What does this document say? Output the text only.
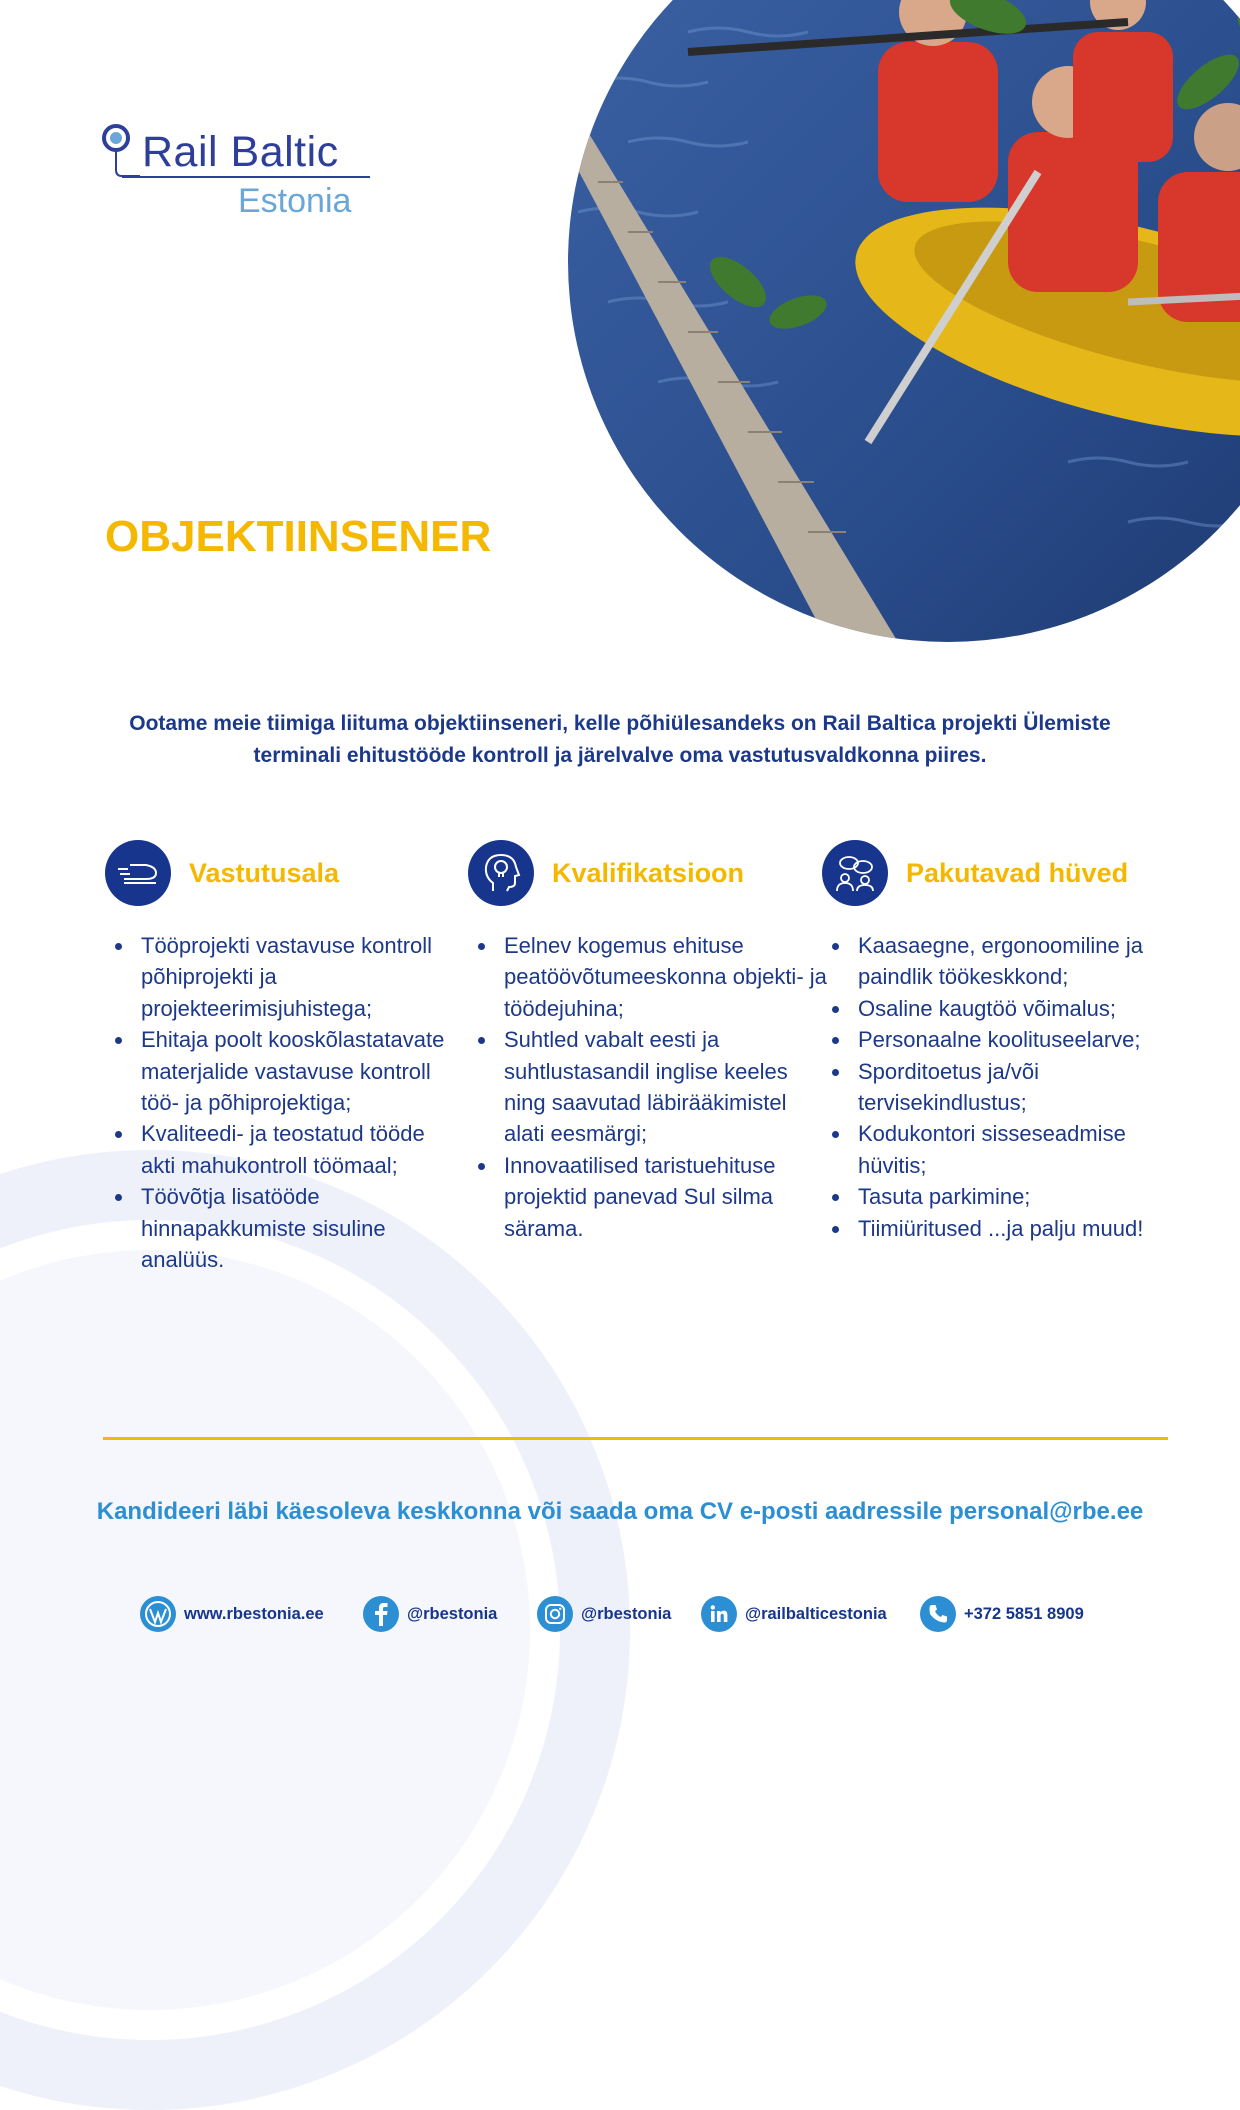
Rail Baltic
Estonia
OBJEKTIINSENER

Ootame meie tiimiga liituma objektiinseneri, kelle põhiülesandeks on Rail Baltica projekti Ülemiste terminali ehitustööde kontroll ja järelvalve oma vastutusvaldkonna piires.

Vastutusala
Tööprojekti vastavuse kontroll põhiprojekti ja projekteerimisjuhistega;
Ehitaja poolt kooskõlastatavate materjalide vastavuse kontroll töö- ja põhiprojektiga;
Kvaliteedi- ja teostatud tööde akti mahukontroll töömaal;
Töövõtja lisatööde hinnapakkumiste sisuline analüüs.
Kvalifikatsioon
Eelnev kogemus ehituse peatöövõtumeeskonna objekti- ja töödejuhina;
Suhtled vabalt eesti ja suhtlustasandil inglise keeles ning saavutad läbirääkimistel alati eesmärgi;
Innovaatilised taristuehituse projektid panevad Sul silma särama.
Pakutavad hüved
Kaasaegne, ergonoomiline ja paindlik töökeskkond;
Osaline kaugtöö võimalus;
Personaalne koolituseelarve;
Sporditoetus ja/või tervisekindlustus;
Kodukontori sisseseadmise hüvitis;
Tasuta parkimine;
Tiimiüritused ...ja palju muud!

Kandideeri läbi käesoleva keskkonna või saada oma CV e-posti aadressile personal@rbe.ee

www.rbestonia.ee	@rbestonia	@rbestonia	@railbalticestonia	+372 5851 8909
